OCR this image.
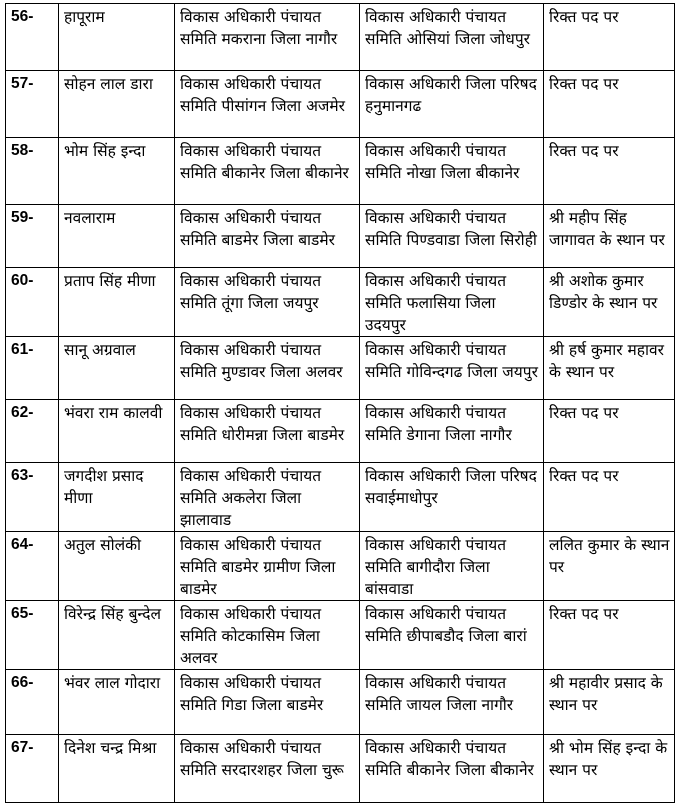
56-	हापूराम	विकास अधिकारी पंचायत समिति मकराना जिला नागौर	विकास अधिकारी पंचायत समिति ओसियां जिला जोधपुर	रिक्त पद पर
57-	सोहन लाल डारा	विकास अधिकारी पंचायत समिति पीसांगन जिला अजमेर	विकास अधिकारी जिला परिषद हनुमानगढ	रिक्त पद पर
58-	भोम सिंह इन्दा	विकास अधिकारी पंचायत समिति बीकानेर जिला बीकानेर	विकास अधिकारी पंचायत समिति नोखा जिला बीकानेर	रिक्त पद पर
59-	नवलाराम	विकास अधिकारी पंचायत समिति बाडमेर जिला बाडमेर	विकास अधिकारी पंचायत समिति पिण्डवाडा जिला सिरोही	श्री महीप सिंह जागावत के स्थान पर
60-	प्रताप सिंह मीणा	विकास अधिकारी पंचायत समिति तूंगा जिला जयपुर	विकास अधिकारी पंचायत समिति फलासिया जिला उदयपुर	श्री अशोक कुमार डिण्डोर के स्थान पर
61-	सानू अग्रवाल	विकास अधिकारी पंचायत समिति मुण्डावर जिला अलवर	विकास अधिकारी पंचायत समिति गोविन्दगढ जिला जयपुर	श्री हर्ष कुमार महावर के स्थान पर
62-	भंवरा राम कालवी	विकास अधिकारी पंचायत समिति धोरीमन्ना जिला बाडमेर	विकास अधिकारी पंचायत समिति डेगाना जिला नागौर	रिक्त पद पर
63-	जगदीश प्रसाद मीणा	विकास अधिकारी पंचायत समिति अकलेरा जिला झालावाड	विकास अधिकारी जिला परिषद सवाईमाधोपुर	रिक्त पद पर
64-	अतुल सोलंकी	विकास अधिकारी पंचायत समिति बाडमेर ग्रामीण जिला बाडमेर	विकास अधिकारी पंचायत समिति बागीदौरा जिला बांसवाडा	ललित कुमार के स्थान पर
65-	विरेन्द्र सिंह बुन्देल	विकास अधिकारी पंचायत समिति कोटकासिम जिला अलवर	विकास अधिकारी पंचायत समिति छीपाबडौद जिला बारां	रिक्त पद पर
66-	भंवर लाल गोदारा	विकास अधिकारी पंचायत समिति गिडा जिला बाडमेर	विकास अधिकारी पंचायत समिति जायल जिला नागौर	श्री महावीर प्रसाद के स्थान पर
67-	दिनेश चन्द्र मिश्रा	विकास अधिकारी पंचायत समिति सरदारशहर जिला चुरू	विकास अधिकारी पंचायत समिति बीकानेर जिला बीकानेर	श्री भोम सिंह इन्दा के स्थान पर
